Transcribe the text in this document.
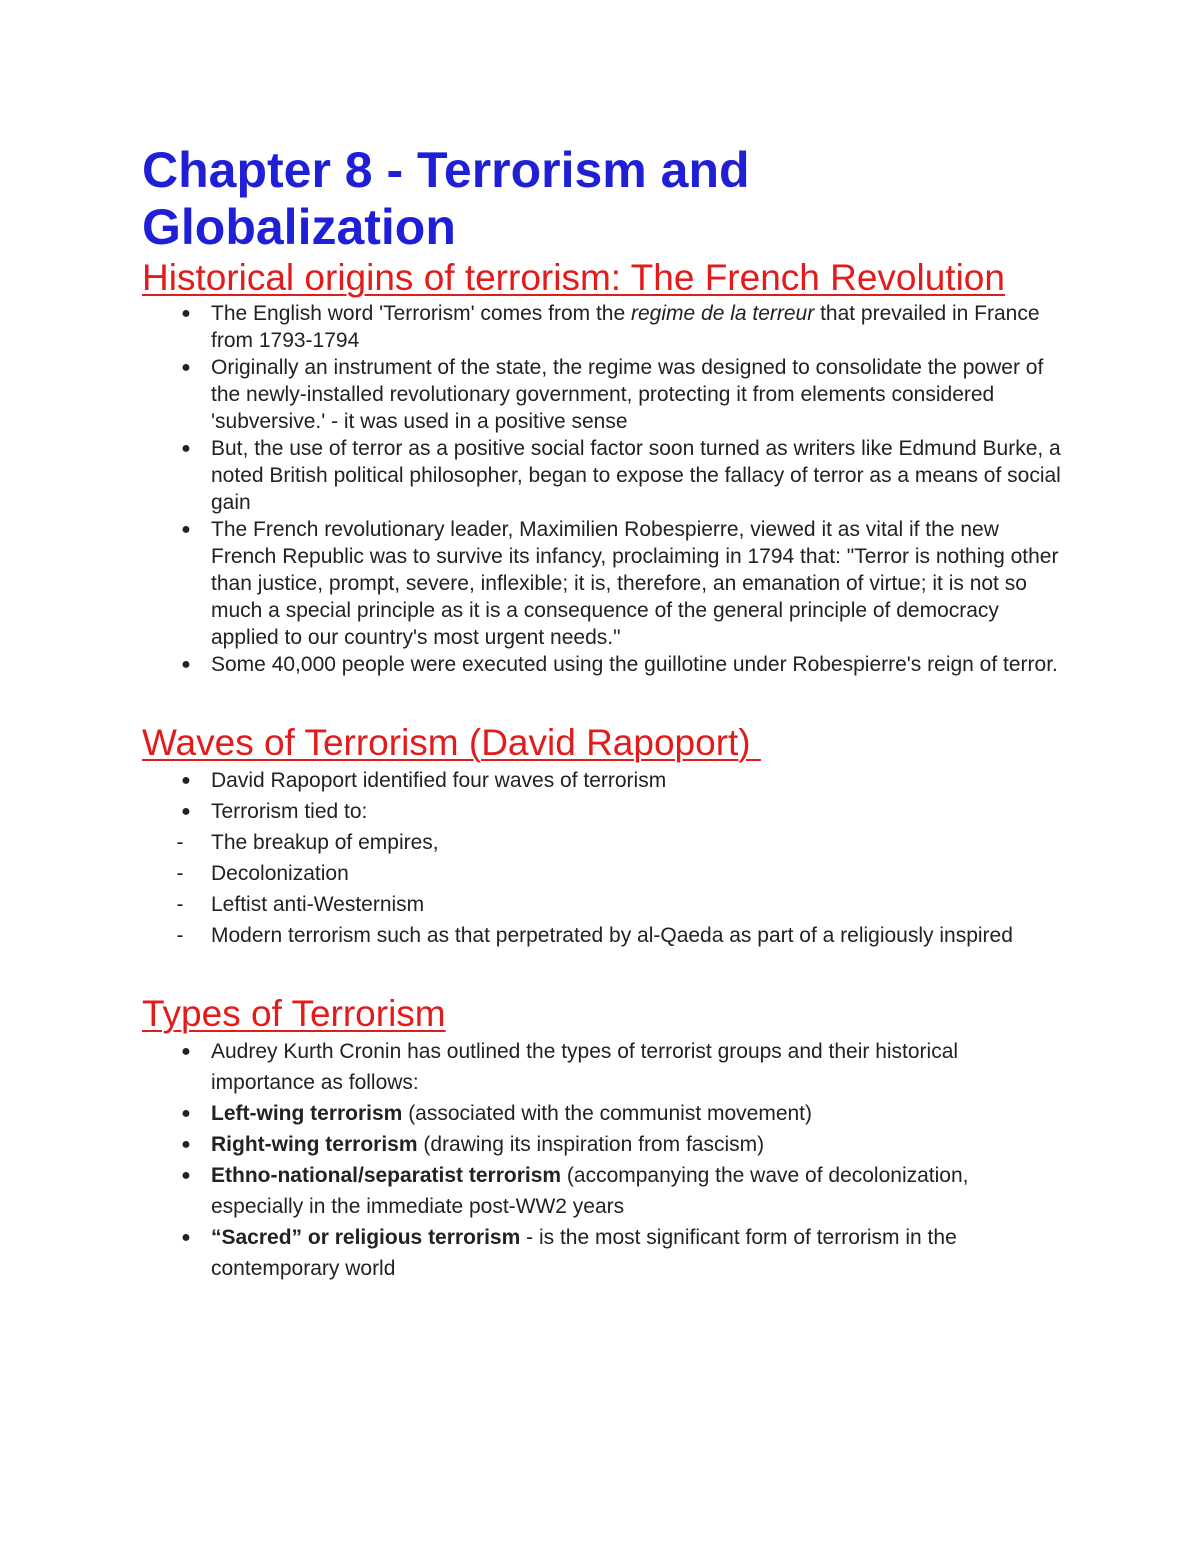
Chapter 8 - Terrorism and Globalization
Historical origins of terrorism: The French Revolution
● The English word 'Terrorism' comes from the regime de la terreur that prevailed in France from 1793-1794
● Originally an instrument of the state, the regime was designed to consolidate the power of the newly-installed revolutionary government, protecting it from elements considered 'subversive.' - it was used in a positive sense
● But, the use of terror as a positive social factor soon turned as writers like Edmund Burke, a noted British political philosopher, began to expose the fallacy of terror as a means of social gain
● The French revolutionary leader, Maximilien Robespierre, viewed it as vital if the new French Republic was to survive its infancy, proclaiming in 1794 that: "Terror is nothing other than justice, prompt, severe, inflexible; it is, therefore, an emanation of virtue; it is not so much a special principle as it is a consequence of the general principle of democracy applied to our country's most urgent needs."
● Some 40,000 people were executed using the guillotine under Robespierre's reign of terror.
Waves of Terrorism (David Rapoport)
● David Rapoport identified four waves of terrorism
● Terrorism tied to:
-	The breakup of empires,
-	Decolonization
-	Leftist anti-Westernism
-	Modern terrorism such as that perpetrated by al-Qaeda as part of a religiously inspired
Types of Terrorism
● Audrey Kurth Cronin has outlined the types of terrorist groups and their historical importance as follows:
● Left-wing terrorism (associated with the communist movement)
● Right-wing terrorism (drawing its inspiration from fascism)
● Ethno-national/separatist terrorism (accompanying the wave of decolonization, especially in the immediate post-WW2 years
● “Sacred” or religious terrorism - is the most significant form of terrorism in the contemporary world
